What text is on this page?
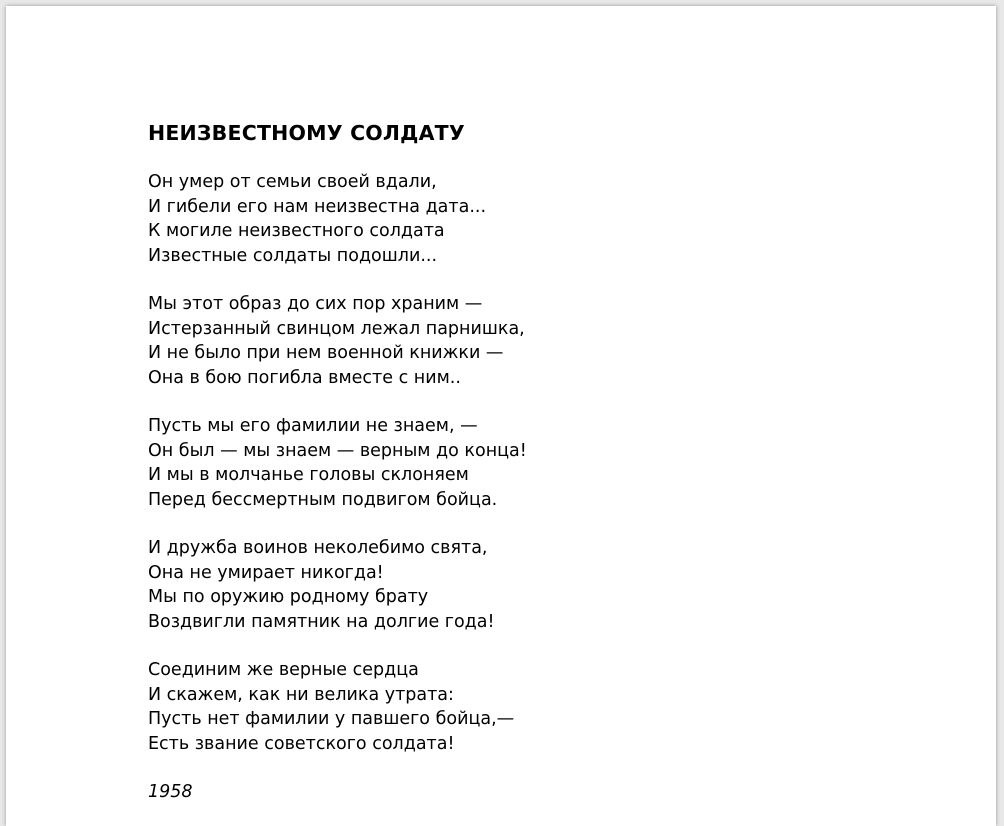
НЕИЗВЕСТНОМУ СОЛДАТУ
Он умер от семьи своей вдали,
И гибели его нам неизвестна дата...
К могиле неизвестного солдата
Известные солдаты подошли...
Мы этот образ до сих пор храним —
Истерзанный свинцом лежал парнишка,
И не было при нем военной книжки —
Она в бою погибла вместе с ним..
Пусть мы его фамилии не знаем, —
Он был — мы знаем — верным до конца!
И мы в молчанье головы склоняем
Перед бессмертным подвигом бойца.
И дружба воинов неколебимо свята,
Она не умирает никогда!
Мы по оружию родному брату
Воздвигли памятник на долгие года!
Соединим же верные сердца
И скажем, как ни велика утрата:
Пусть нет фамилии у павшего бойца,—
Есть звание советского солдата!
1958
